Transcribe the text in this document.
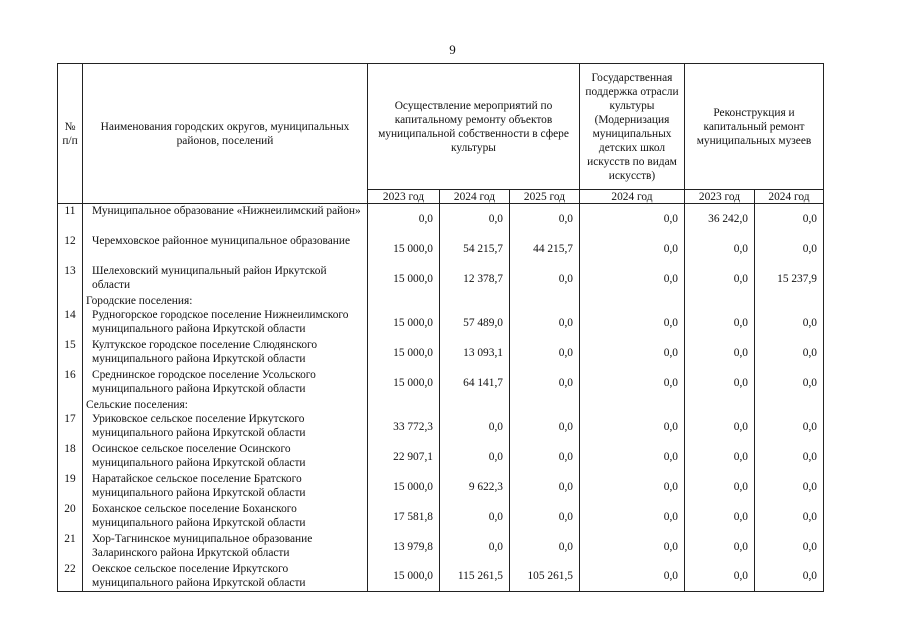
9
№ п/п	Наименования городских округов, муниципальных районов, поселений	Осуществление мероприятий по капитальному ремонту объектов муниципальной собственности в сфере культуры			Государственная поддержка отрасли культуры (Модернизация муниципальных детских школ искусств по видам искусств)	Реконструкция и капитальный ремонт муниципальных музеев	
		2023 год	2024 год	2025 год	2024 год	2023 год	2024 год
11	Муниципальное образование «Нижнеилимский район»	0,0	0,0	0,0	0,0	36 242,0	0,0
12	Черемховское районное муниципальное образование	15 000,0	54 215,7	44 215,7	0,0	0,0	0,0
13	Шелеховский муниципальный район Иркутской области	15 000,0	12 378,7	0,0	0,0	0,0	15 237,9
	Городские поселения:						
14	Рудногорское городское поселение Нижнеилимского муниципального района Иркутской области	15 000,0	57 489,0	0,0	0,0	0,0	0,0
15	Култукское городское поселение Слюдянского муниципального района Иркутской области	15 000,0	13 093,1	0,0	0,0	0,0	0,0
16	Среднинское городское поселение Усольского муниципального района Иркутской области	15 000,0	64 141,7	0,0	0,0	0,0	0,0
	Сельские поселения:						
17	Уриковское сельское поселение Иркутского муниципального района Иркутской области	33 772,3	0,0	0,0	0,0	0,0	0,0
18	Осинское сельское поселение Осинского муниципального района Иркутской области	22 907,1	0,0	0,0	0,0	0,0	0,0
19	Наратайское сельское поселение Братского муниципального района Иркутской области	15 000,0	9 622,3	0,0	0,0	0,0	0,0
20	Боханское сельское поселение Боханского муниципального района Иркутской области	17 581,8	0,0	0,0	0,0	0,0	0,0
21	Хор-Тагнинское муниципальное образование Заларинского района Иркутской области	13 979,8	0,0	0,0	0,0	0,0	0,0
22	Оекское сельское поселение Иркутского муниципального района Иркутской области	15 000,0	115 261,5	105 261,5	0,0	0,0	0,0
